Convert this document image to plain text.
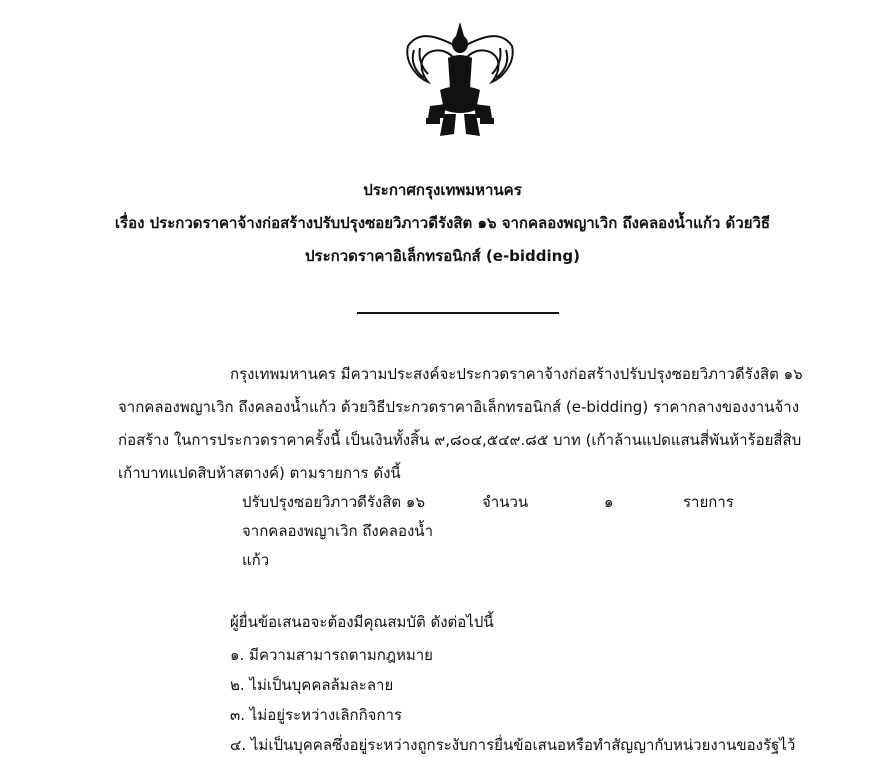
ประกาศกรุงเทพมหานคร
เรื่อง ประกวดราคาจ้างก่อสร้างปรับปรุงซอยวิภาวดีรังสิต ๑๖ จากคลองพญาเวิก ถึงคลองน้ำแก้ว ด้วยวิธี
ประกวดราคาอิเล็กทรอนิกส์ (e-bidding)
กรุงเทพมหานคร มีความประสงค์จะประกวดราคาจ้างก่อสร้างปรับปรุงซอยวิภาวดีรังสิต ๑๖
จากคลองพญาเวิก ถึงคลองน้ำแก้ว ด้วยวิธีประกวดราคาอิเล็กทรอนิกส์ (e-bidding) ราคากลางของงานจ้าง
ก่อสร้าง ในการประกวดราคาครั้งนี้ เป็นเงินทั้งสิ้น ๙,๘๐๔,๕๔๙.๘๕ บาท (เก้าล้านแปดแสนสี่พันห้าร้อยสี่สิบ
เก้าบาทแปดสิบห้าสตางค์) ตามรายการ ดังนี้
ปรับปรุงซอยวิภาวดีรังสิต ๑๖
จากคลองพญาเวิก ถึงคลองน้ำ
แก้ว
จำนวน	๑	รายการ
ผู้ยื่นข้อเสนอจะต้องมีคุณสมบัติ ดังต่อไปนี้
๑. มีความสามารถตามกฎหมาย
๒. ไม่เป็นบุคคลล้มละลาย
๓. ไม่อยู่ระหว่างเลิกกิจการ
๔. ไม่เป็นบุคคลซึ่งอยู่ระหว่างถูกระงับการยื่นข้อเสนอหรือทำสัญญากับหน่วยงานของรัฐไว้
